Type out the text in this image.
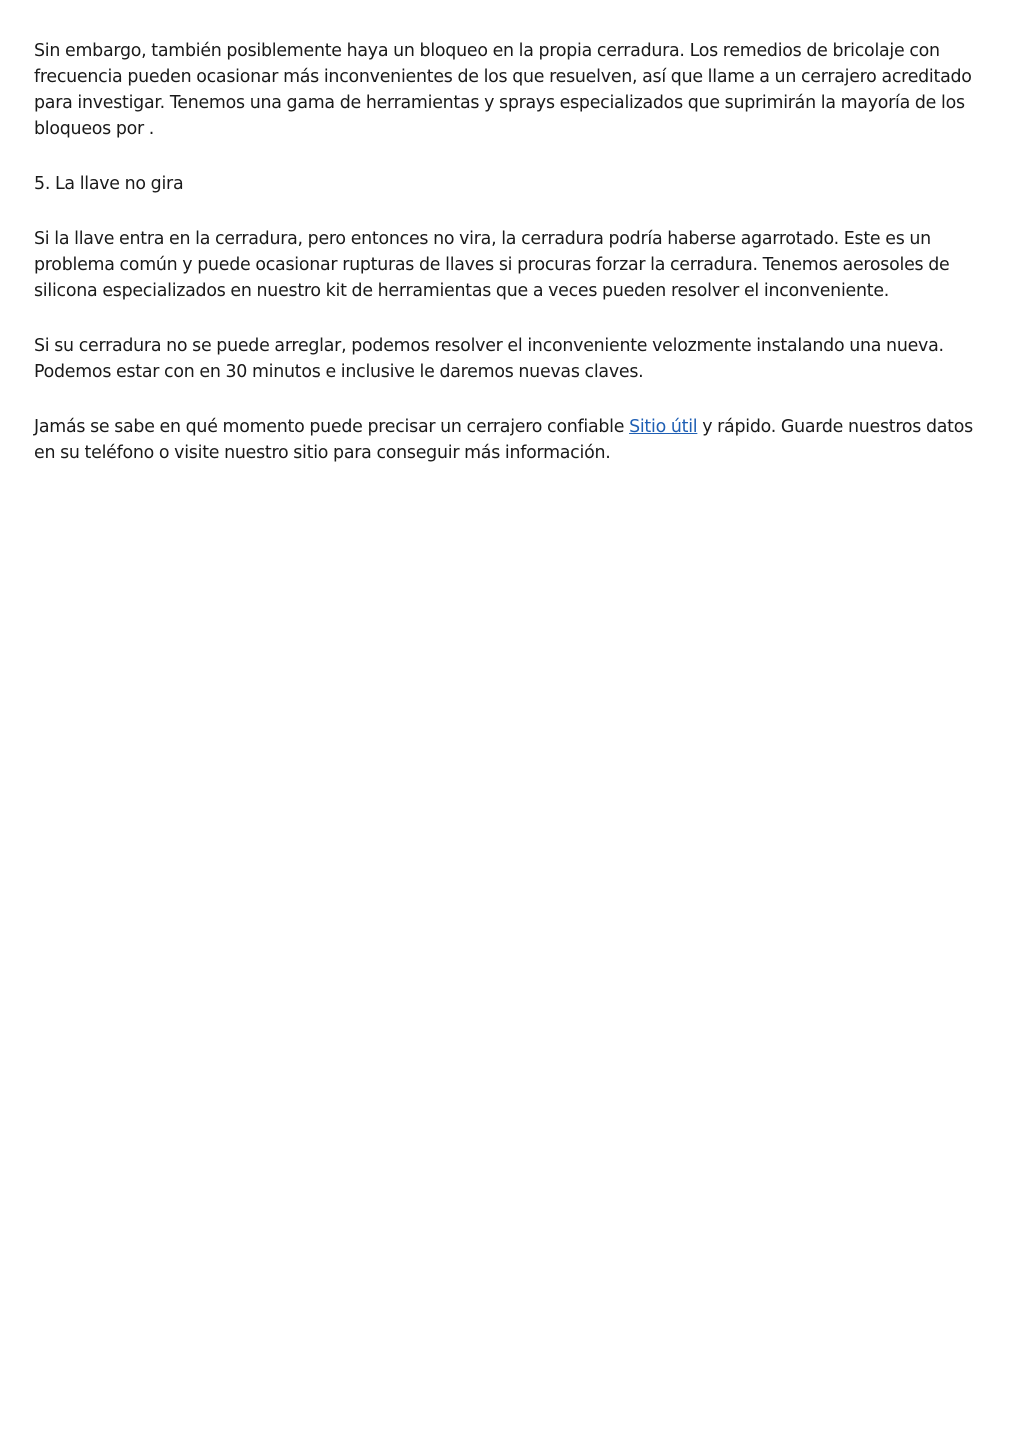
Sin embargo, también posiblemente haya un bloqueo en la propia cerradura. Los remedios de bricolaje con frecuencia pueden ocasionar más inconvenientes de los que resuelven, así que llame a un cerrajero acreditado para investigar. Tenemos una gama de herramientas y sprays especializados que suprimirán la mayoría de los bloqueos por .

5. La llave no gira

Si la llave entra en la cerradura, pero entonces no vira, la cerradura podría haberse agarrotado. Este es un problema común y puede ocasionar rupturas de llaves si procuras forzar la cerradura. Tenemos aerosoles de silicona especializados en nuestro kit de herramientas que a veces pueden resolver el inconveniente.

Si su cerradura no se puede arreglar, podemos resolver el inconveniente velozmente instalando una nueva. Podemos estar con en 30 minutos e inclusive le daremos nuevas claves.

Jamás se sabe en qué momento puede precisar un cerrajero confiable Sitio útil y rápido. Guarde nuestros datos en su teléfono o visite nuestro sitio para conseguir más información.
